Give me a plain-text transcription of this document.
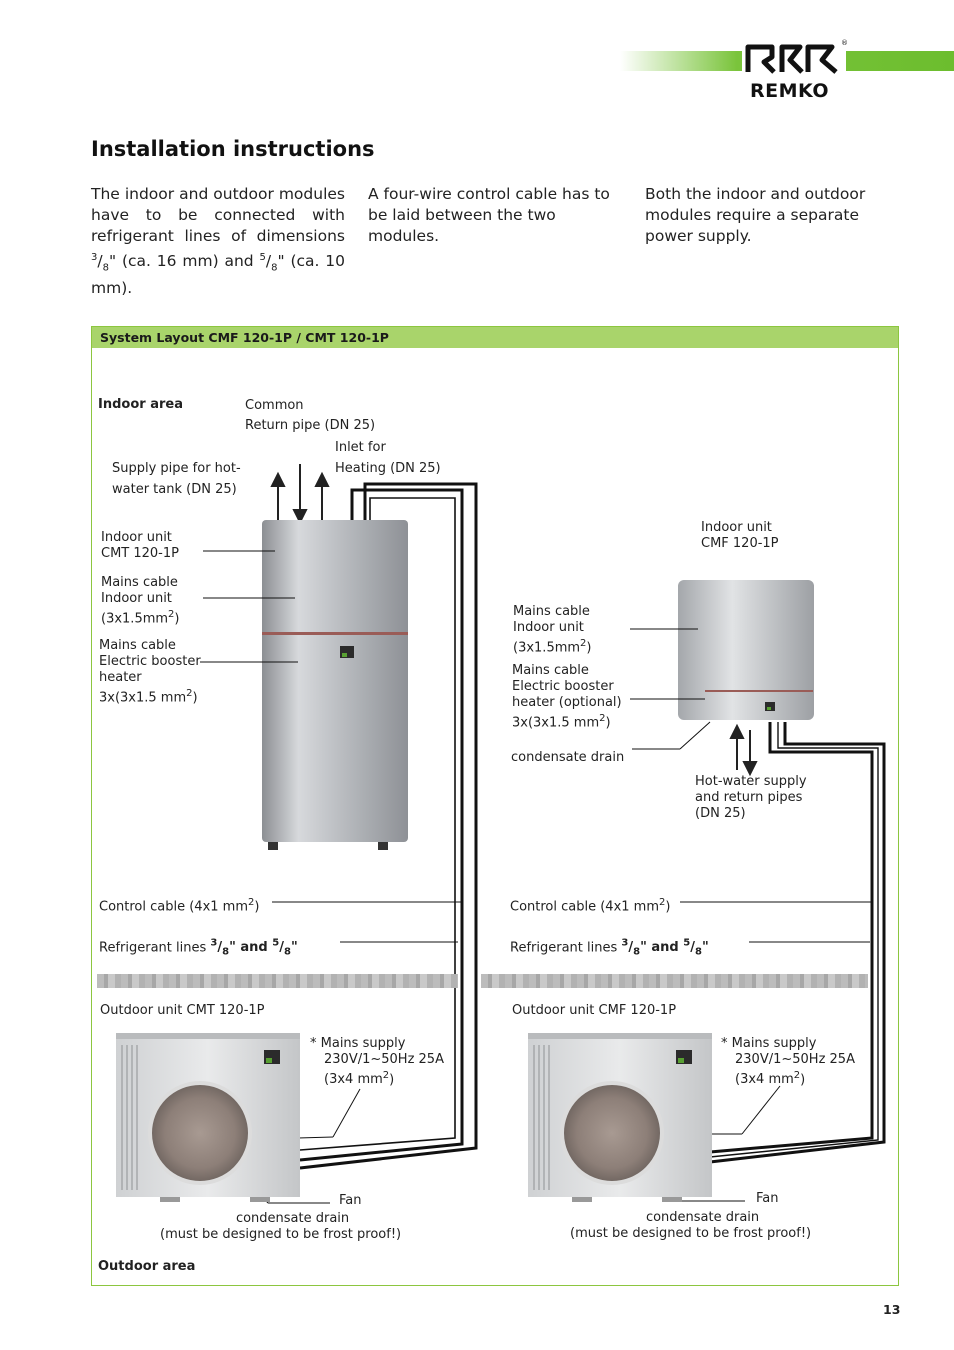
®
REMKO
Installation instructions
The indoor and outdoor modules have to be connected with refrigerant lines of dimensions $^3/_8$" (ca. 16 mm) and $^5/_8$" (ca. 10 mm).
A four-wire control cable has to be laid between the two modules.
Both the indoor and outdoor modules require a separate power supply.
System Layout CMF 120-1P / CMT 120-1P
Indoor area	Common
Return pipe (DN 25)
Inlet for
Heating (DN 25)
Supply pipe for hot-
water tank (DN 25)
Indoor unit
CMT 120-1P
Mains cable
Indoor unit
$(3x1.5mm^2)$
Mains cable
Electric booster
heater
3x(3x1.5 $mm^2$)
Control cable (4x1 $mm^2$)
Refrigerant lines $^3/_8$" and $^5/_8$"
Outdoor unit CMT 120-1P
* Mains supply
230V/1~50Hz 25A
(3x4 $mm^2$)
Fan
condensate drain
(must be designed to be frost proof!)
Outdoor area
Indoor unit
CMF 120-1P
Mains cable
Indoor unit
$(3x1.5mm^2)$
Mains cable
Electric booster
heater (optional)
3x(3x1.5 $mm^2$)
condensate drain
Hot-water supply
and return pipes
(DN 25)
Control cable (4x1 $mm^2$)
Refrigerant lines $^3/_8$" and $^5/_8$"
Outdoor unit CMF 120-1P
* Mains supply
230V/1~50Hz 25A
(3x4 $mm^2$)
Fan
condensate drain
(must be designed to be frost proof!)
13
